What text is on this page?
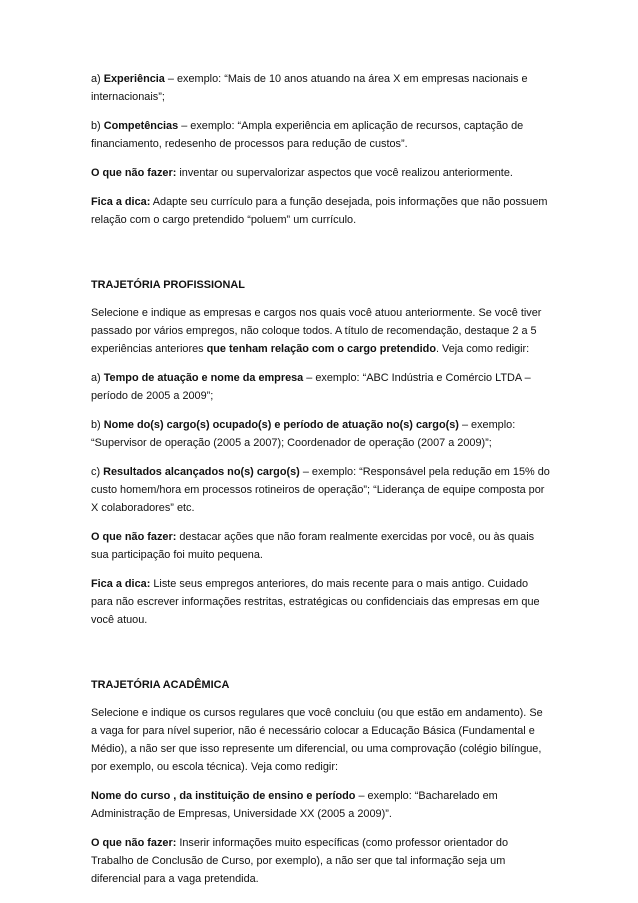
a) Experiência – exemplo: “Mais de 10 anos atuando na área X em empresas nacionais e internacionais”;

b) Competências – exemplo: “Ampla experiência em aplicação de recursos, captação de financiamento, redesenho de processos para redução de custos”.

O que não fazer: inventar ou supervalorizar aspectos que você realizou anteriormente.

Fica a dica: Adapte seu currículo para a função desejada, pois informações que não possuem relação com o cargo pretendido “poluem” um currículo.

TRAJETÓRIA PROFISSIONAL

Selecione e indique as empresas e cargos nos quais você atuou anteriormente. Se você tiver passado por vários empregos, não coloque todos. A título de recomendação, destaque 2 a 5 experiências anteriores que tenham relação com o cargo pretendido. Veja como redigir:

a) Tempo de atuação e nome da empresa – exemplo: “ABC Indústria e Comércio LTDA – período de 2005 a 2009”;

b) Nome do(s) cargo(s) ocupado(s) e período de atuação no(s) cargo(s) – exemplo: “Supervisor de operação (2005 a 2007); Coordenador de operação (2007 a 2009)”;

c) Resultados alcançados no(s) cargo(s) – exemplo: “Responsável pela redução em 15% do custo homem/hora em processos rotineiros de operação”; “Liderança de equipe composta por X colaboradores” etc.

O que não fazer: destacar ações que não foram realmente exercidas por você, ou às quais sua participação foi muito pequena.

Fica a dica: Liste seus empregos anteriores, do mais recente para o mais antigo. Cuidado para não escrever informações restritas, estratégicas ou confidenciais das empresas em que você atuou.

TRAJETÓRIA ACADÊMICA

Selecione e indique os cursos regulares que você concluiu (ou que estão em andamento). Se a vaga for para nível superior, não é necessário colocar a Educação Básica (Fundamental e Médio), a não ser que isso represente um diferencial, ou uma comprovação (colégio bilíngue, por exemplo, ou escola técnica). Veja como redigir:

Nome do curso , da instituição de ensino e período – exemplo: “Bacharelado em Administração de Empresas, Universidade XX (2005 a 2009)”.

O que não fazer: Inserir informações muito específicas (como professor orientador do Trabalho de Conclusão de Curso, por exemplo), a não ser que tal informação seja um diferencial para a vaga pretendida.
